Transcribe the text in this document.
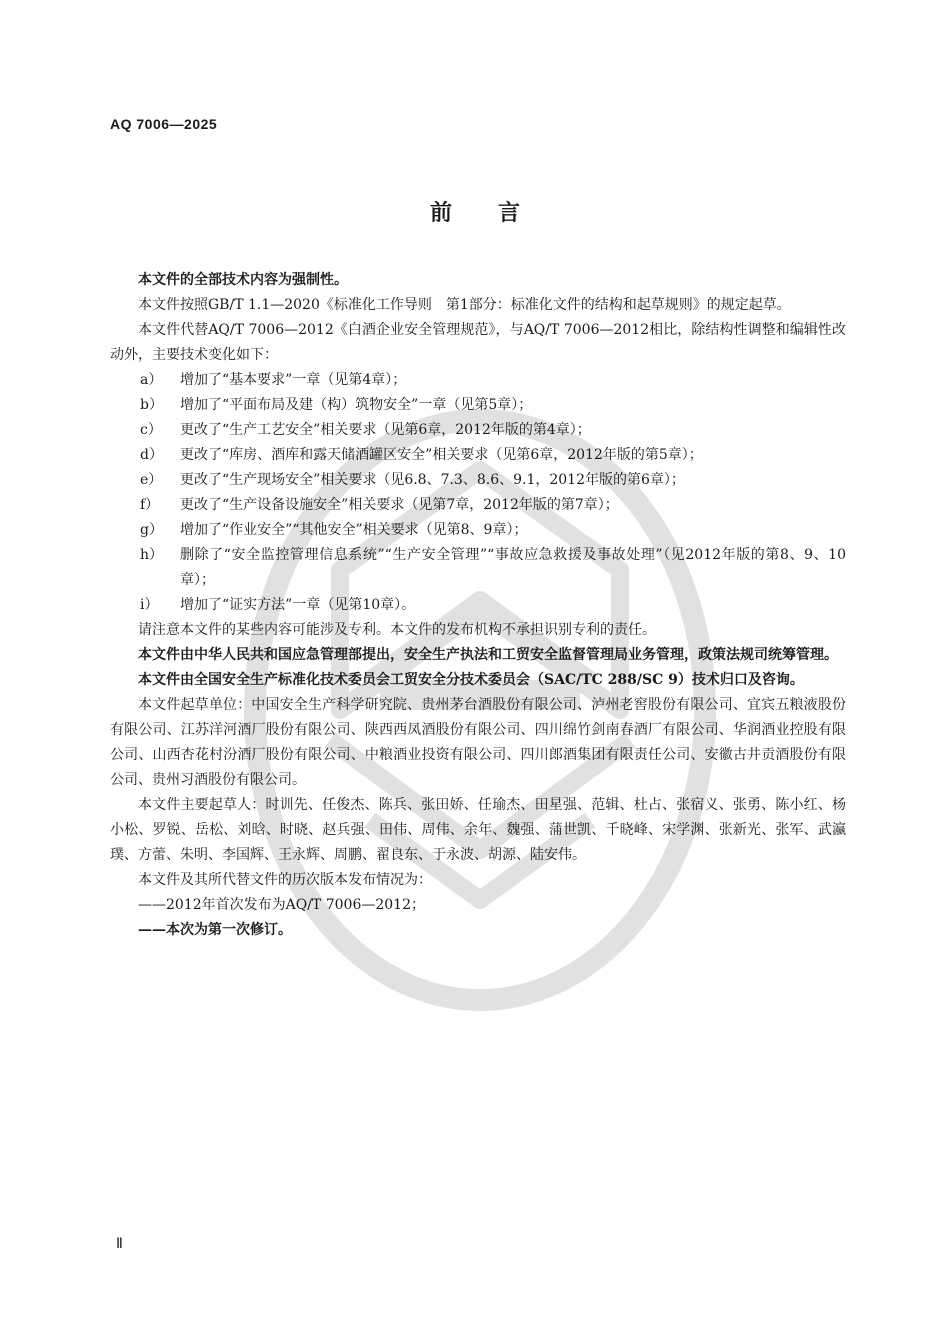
AQ 7006—2025
前言

本文件的全部技术内容为强制性。

本文件按照GB/T 1.1—2020《标准化工作导则　第1部分：标准化文件的结构和起草规则》的规定起草。

本文件代替AQ/T 7006—2012《白酒企业安全管理规范》，与AQ/T 7006—2012相比，除结构性调整和编辑性改动外，主要技术变化如下：

a）	增加了“基本要求”一章（见第4章）；
b）	增加了“平面布局及建（构）筑物安全”一章（见第5章）；
c）	更改了“生产工艺安全”相关要求（见第6章，2012年版的第4章）；
d）	更改了“库房、酒库和露天储酒罐区安全”相关要求（见第6章，2012年版的第5章）；
e）	更改了“生产现场安全”相关要求（见6.8、7.3、8.6、9.1，2012年版的第6章）；
f）	更改了“生产设备设施安全”相关要求（见第7章，2012年版的第7章）；
g）	增加了“作业安全”“其他安全”相关要求（见第8、9章）；
h）	删除了“安全监控管理信息系统”“生产安全管理”“事故应急救援及事故处理”（见2012年版的第8、9、10章）；
i）	增加了“证实方法”一章（见第10章）。

请注意本文件的某些内容可能涉及专利。本文件的发布机构不承担识别专利的责任。

本文件由中华人民共和国应急管理部提出，安全生产执法和工贸安全监督管理局业务管理，政策法规司统筹管理。

本文件由全国安全生产标准化技术委员会工贸安全分技术委员会（SAC/TC 288/SC 9）技术归口及咨询。

本文件起草单位：中国安全生产科学研究院、贵州茅台酒股份有限公司、泸州老窖股份有限公司、宜宾五粮液股份有限公司、江苏洋河酒厂股份有限公司、陕西西凤酒股份有限公司、四川绵竹剑南春酒厂有限公司、华润酒业控股有限公司、山西杏花村汾酒厂股份有限公司、中粮酒业投资有限公司、四川郎酒集团有限责任公司、安徽古井贡酒股份有限公司、贵州习酒股份有限公司。

本文件主要起草人：时训先、任俊杰、陈兵、张田娇、任瑜杰、田星强、范辑、杜占、张宿义、张勇、陈小红、杨小松、罗锐、岳松、刘晗、时晓、赵兵强、田伟、周伟、余年、魏强、蒲世凯、千晓峰、宋学渊、张新光、张军、武瀛璞、方蕾、朱明、李国辉、王永辉、周鹏、翟良东、于永波、胡源、陆安伟。

本文件及其所代替文件的历次版本发布情况为：

——2012年首次发布为AQ/T 7006—2012；

——本次为第一次修订。

Ⅱ
